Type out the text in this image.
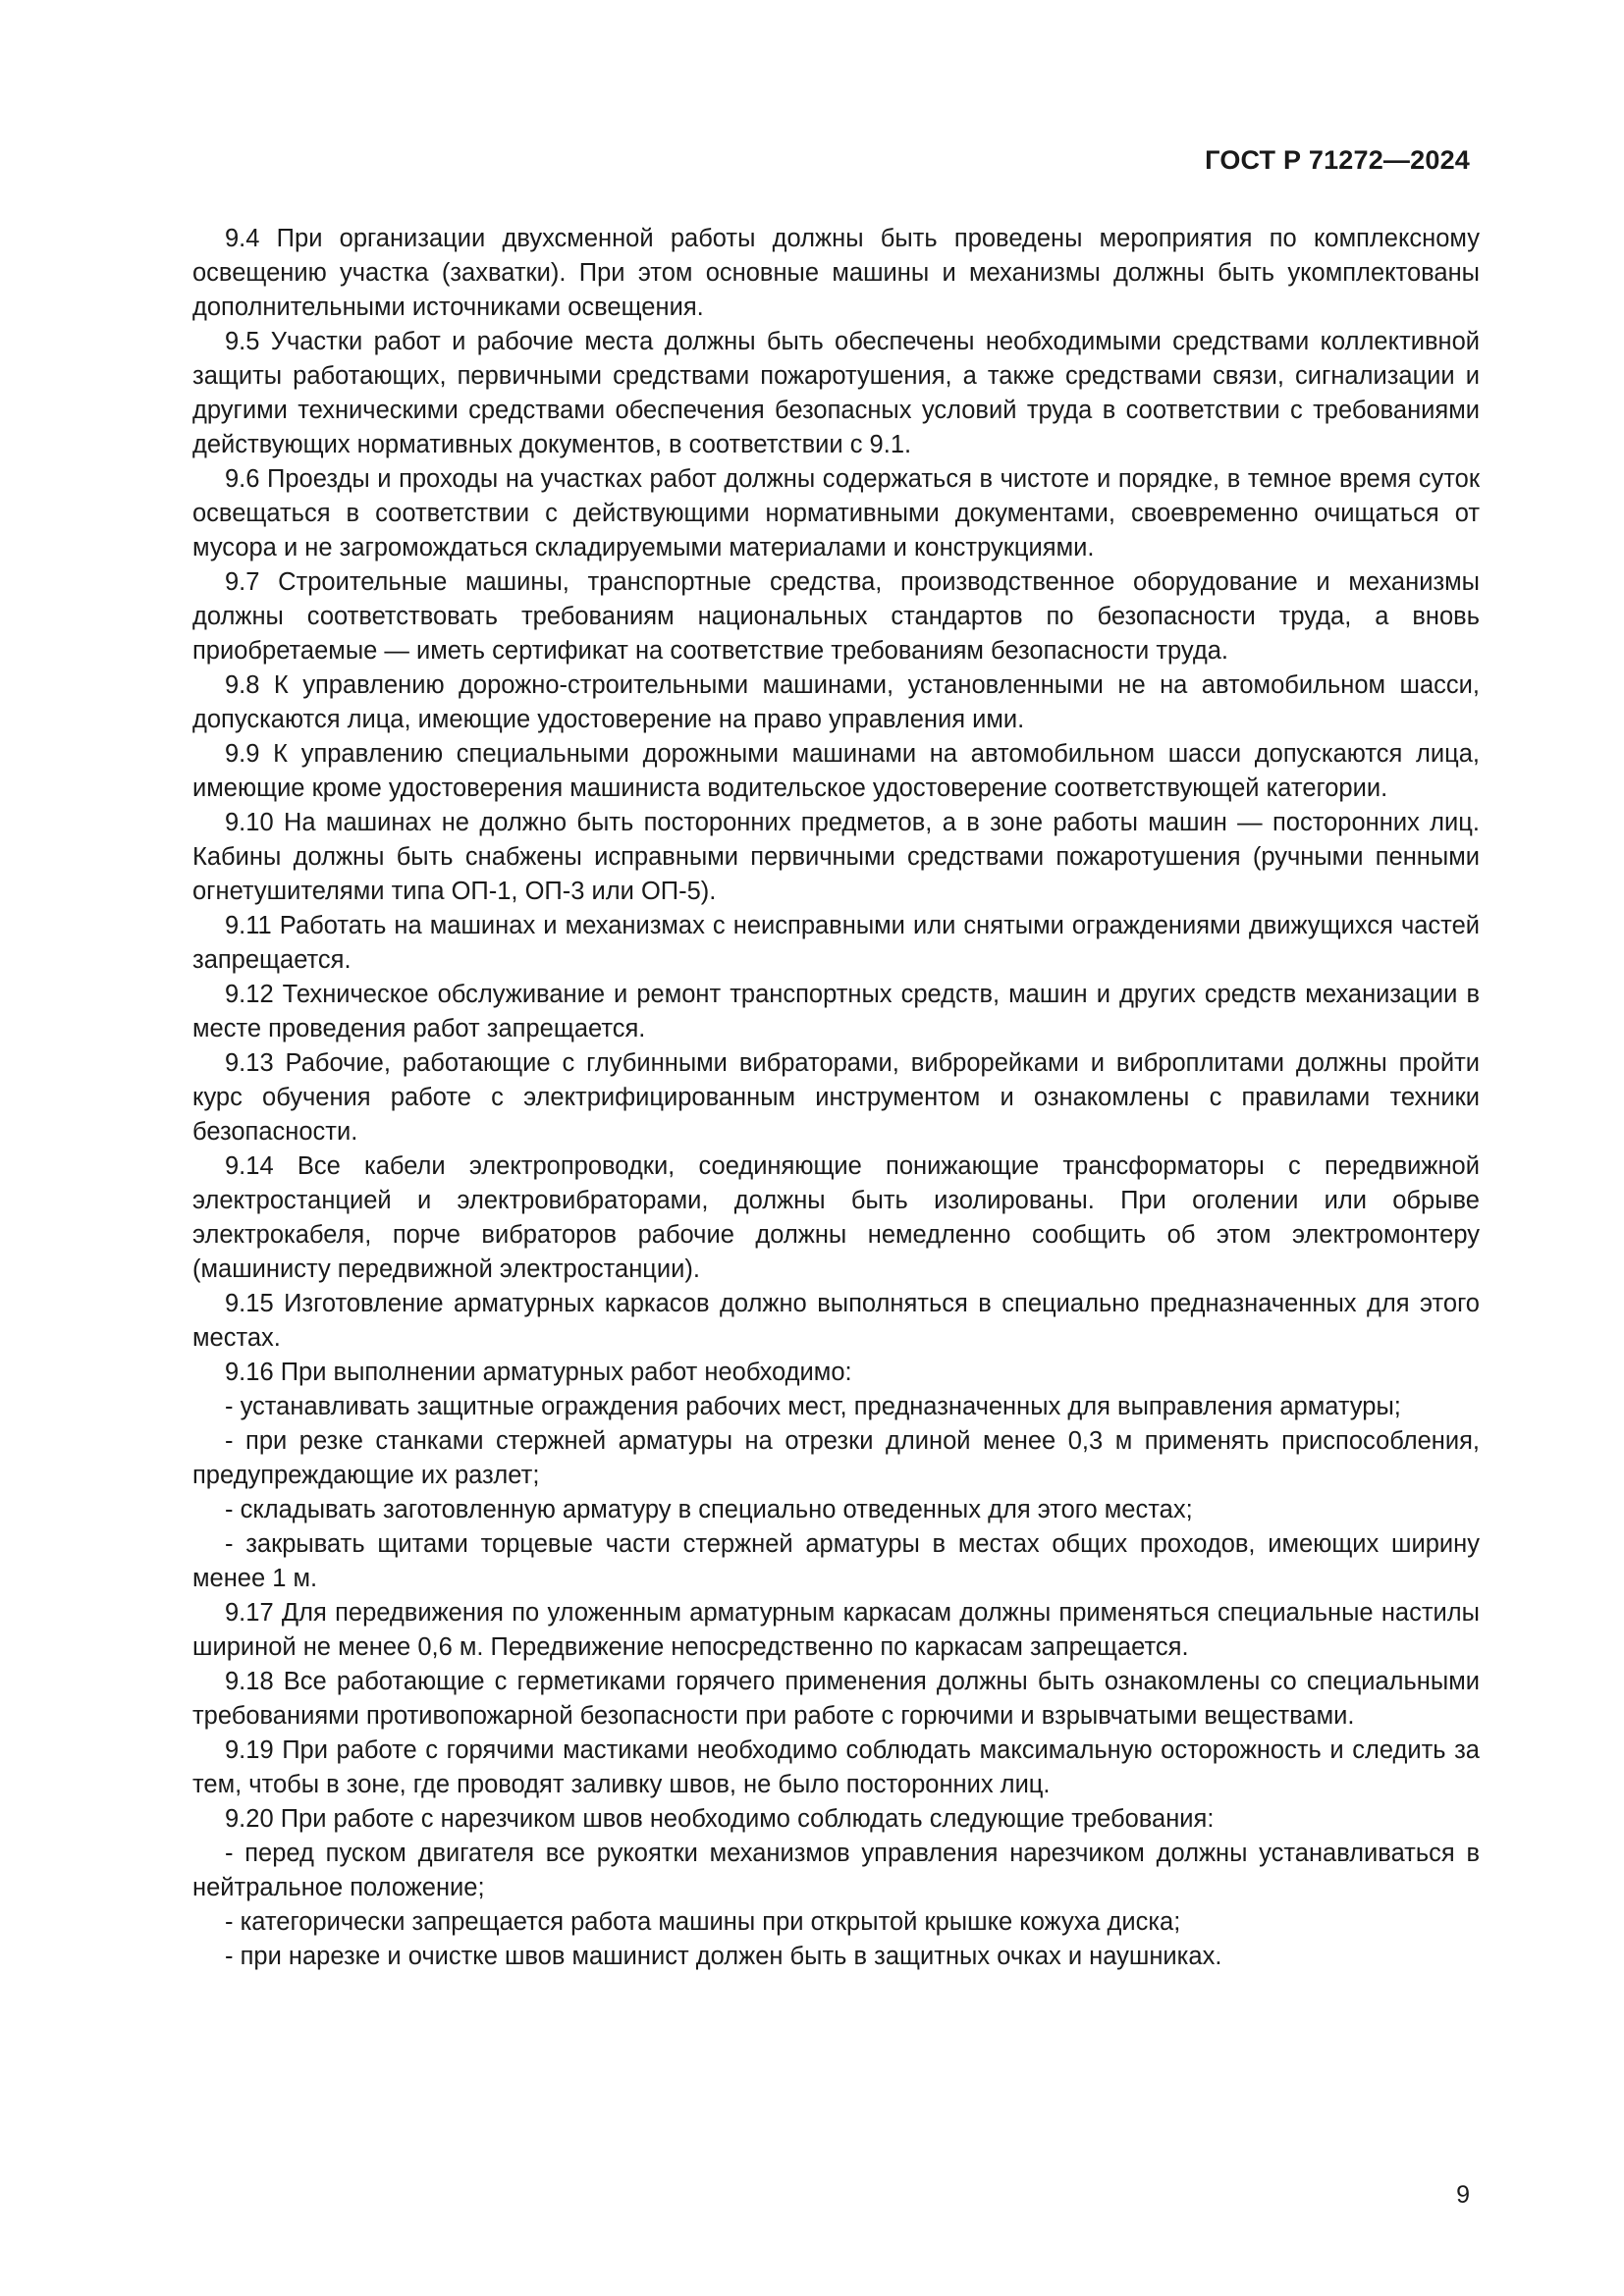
ГОСТ Р 71272—2024

9.4 При организации двухсменной работы должны быть проведены мероприятия по комплексному освещению участка (захватки). При этом основные машины и механизмы должны быть укомплектованы дополнительными источниками освещения.

9.5 Участки работ и рабочие места должны быть обеспечены необходимыми средствами коллективной защиты работающих, первичными средствами пожаротушения, а также средствами связи, сигнализации и другими техническими средствами обеспечения безопасных условий труда в соответствии с требованиями действующих нормативных документов, в соответствии с 9.1.

9.6 Проезды и проходы на участках работ должны содержаться в чистоте и порядке, в темное время суток освещаться в соответствии с действующими нормативными документами, своевременно очищаться от мусора и не загромождаться складируемыми материалами и конструкциями.

9.7 Строительные машины, транспортные средства, производственное оборудование и механизмы должны соответствовать требованиям национальных стандартов по безопасности труда, а вновь приобретаемые — иметь сертификат на соответствие требованиям безопасности труда.

9.8 К управлению дорожно-строительными машинами, установленными не на автомобильном шасси, допускаются лица, имеющие удостоверение на право управления ими.

9.9 К управлению специальными дорожными машинами на автомобильном шасси допускаются лица, имеющие кроме удостоверения машиниста водительское удостоверение соответствующей категории.

9.10 На машинах не должно быть посторонних предметов, а в зоне работы машин — посторонних лиц. Кабины должны быть снабжены исправными первичными средствами пожаротушения (ручными пенными огнетушителями типа ОП-1, ОП-3 или ОП-5).

9.11 Работать на машинах и механизмах с неисправными или снятыми ограждениями движущихся частей запрещается.

9.12 Техническое обслуживание и ремонт транспортных средств, машин и других средств механизации в месте проведения работ запрещается.

9.13 Рабочие, работающие с глубинными вибраторами, виброрейками и виброплитами должны пройти курс обучения работе с электрифицированным инструментом и ознакомлены с правилами техники безопасности.

9.14 Все кабели электропроводки, соединяющие понижающие трансформаторы с передвижной электростанцией и электровибраторами, должны быть изолированы. При оголении или обрыве электрокабеля, порче вибраторов рабочие должны немедленно сообщить об этом электромонтеру (машинисту передвижной электростанции).

9.15 Изготовление арматурных каркасов должно выполняться в специально предназначенных для этого местах.

9.16 При выполнении арматурных работ необходимо:

- устанавливать защитные ограждения рабочих мест, предназначенных для выправления арматуры;

- при резке станками стержней арматуры на отрезки длиной менее 0,3 м применять приспособления, предупреждающие их разлет;

- складывать заготовленную арматуру в специально отведенных для этого местах;

- закрывать щитами торцевые части стержней арматуры в местах общих проходов, имеющих ширину менее 1 м.

9.17 Для передвижения по уложенным арматурным каркасам должны применяться специальные настилы шириной не менее 0,6 м. Передвижение непосредственно по каркасам запрещается.

9.18 Все работающие с герметиками горячего применения должны быть ознакомлены со специальными требованиями противопожарной безопасности при работе с горючими и взрывчатыми веществами.

9.19 При работе с горячими мастиками необходимо соблюдать максимальную осторожность и следить за тем, чтобы в зоне, где проводят заливку швов, не было посторонних лиц.

9.20 При работе с нарезчиком швов необходимо соблюдать следующие требования:

- перед пуском двигателя все рукоятки механизмов управления нарезчиком должны устанавливаться в нейтральное положение;

- категорически запрещается работа машины при открытой крышке кожуха диска;

- при нарезке и очистке швов машинист должен быть в защитных очках и наушниках.

9
